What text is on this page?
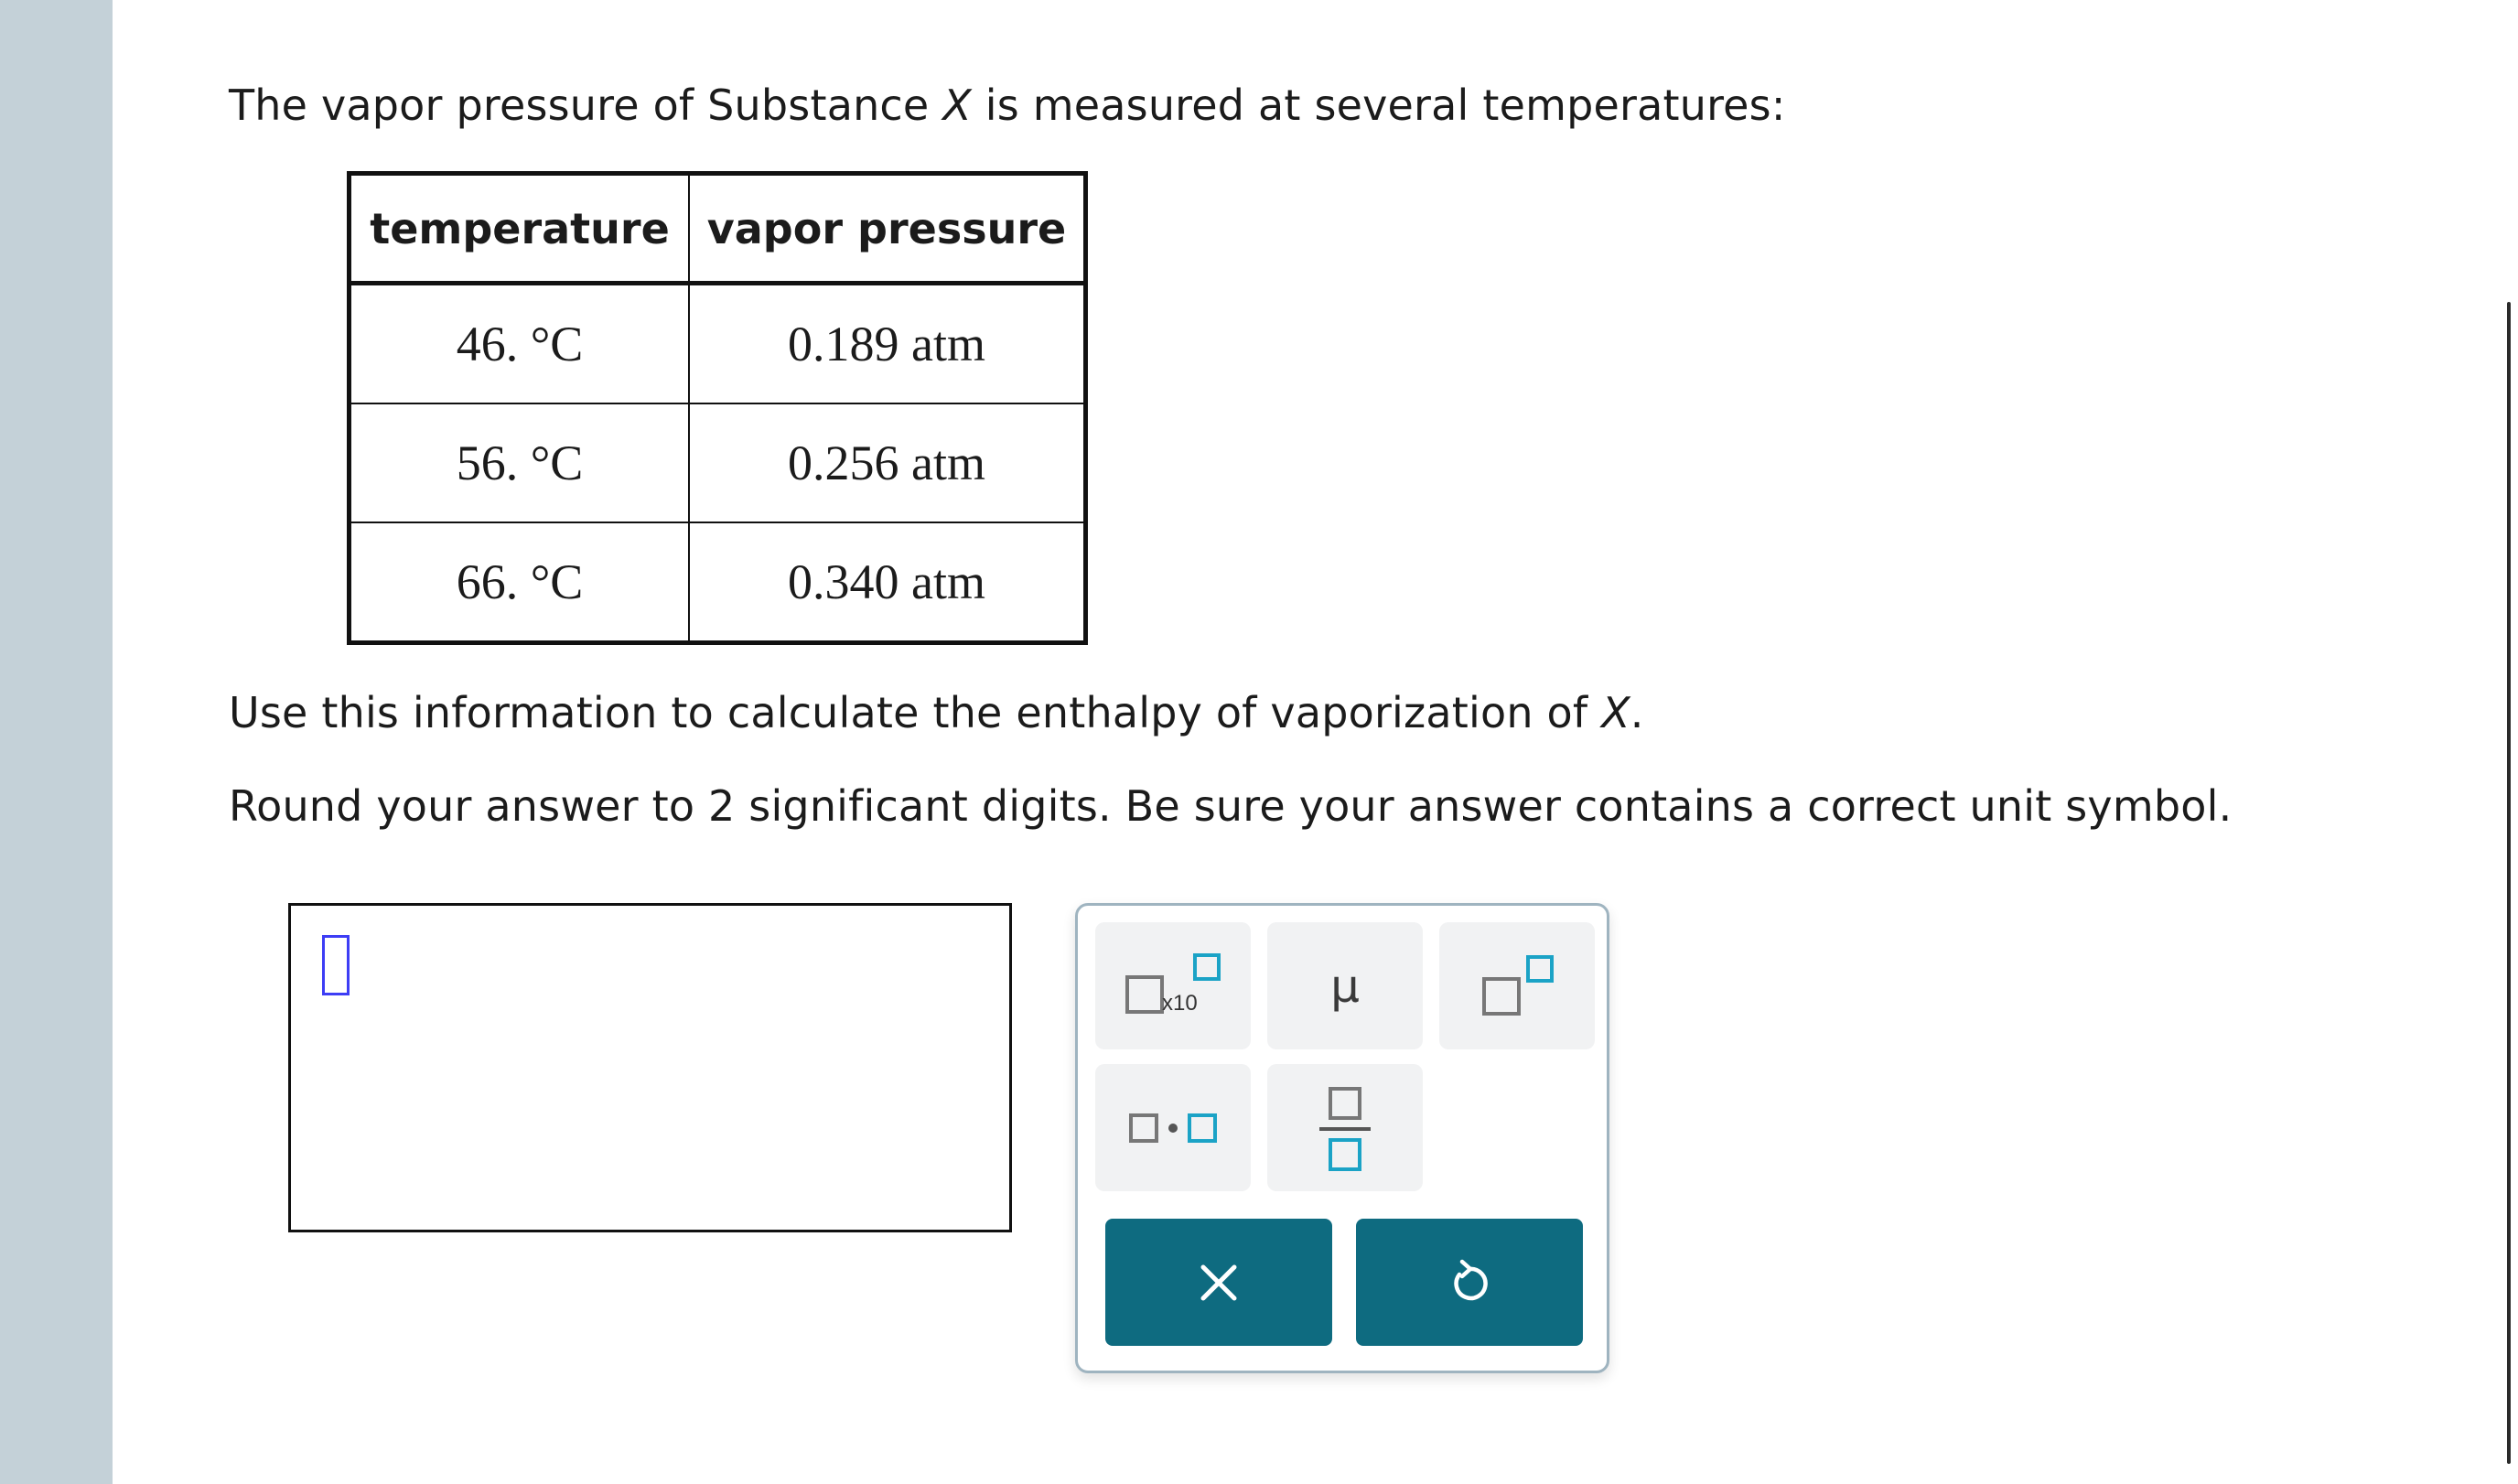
The vapor pressure of Substance X is measured at several temperatures:
temperature	vapor pressure
46. °C	0.189 atm
56. °C	0.256 atm
66. °C	0.340 atm
Use this information to calculate the enthalpy of vaporization of X.
Round your answer to 2 significant digits. Be sure your answer contains a correct unit symbol.
x10	μ
